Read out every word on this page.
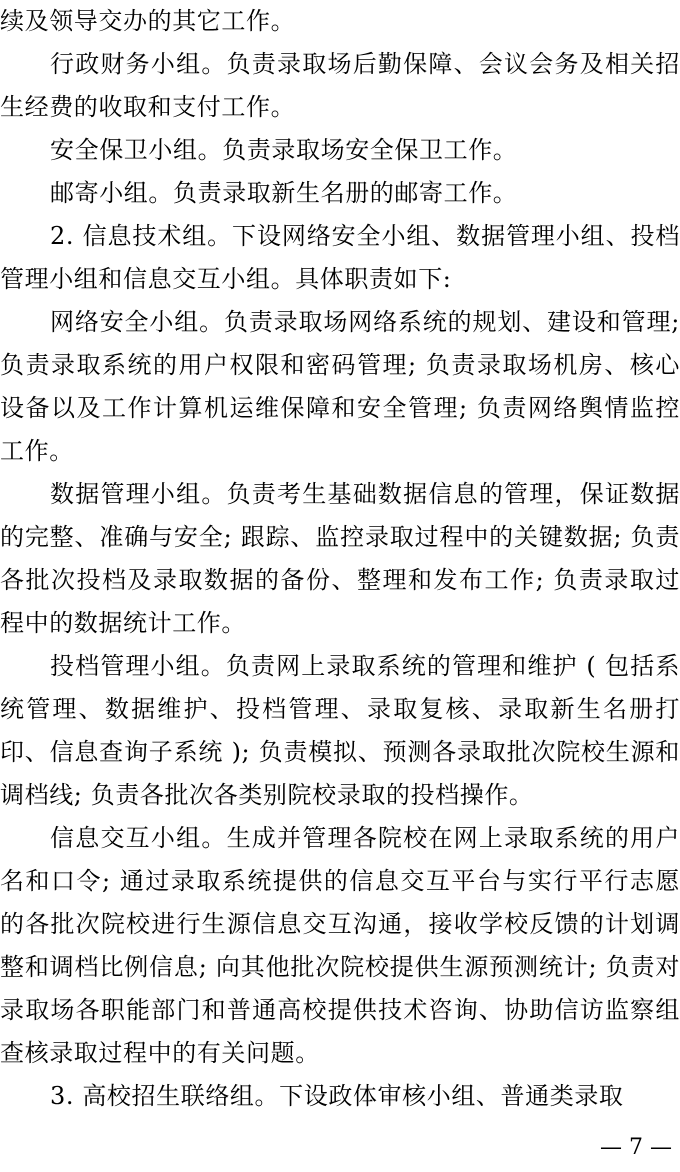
续及领导交办的其它工作。

行政财务小组。负责录取场后勤保障、会议会务及相关招生经费的收取和支付工作。

安全保卫小组。负责录取场安全保卫工作。

邮寄小组。负责录取新生名册的邮寄工作。

2. 信息技术组。下设网络安全小组、数据管理小组、投档管理小组和信息交互小组。具体职责如下:

网络安全小组。负责录取场网络系统的规划、建设和管理; 负责录取系统的用户权限和密码管理; 负责录取场机房、核心设备以及工作计算机运维保障和安全管理; 负责网络舆情监控工作。

数据管理小组。负责考生基础数据信息的管理，保证数据的完整、准确与安全; 跟踪、监控录取过程中的关键数据; 负责各批次投档及录取数据的备份、整理和发布工作; 负责录取过程中的数据统计工作。

投档管理小组。负责网上录取系统的管理和维护 ( 包括系统管理、数据维护、投档管理、录取复核、录取新生名册打印、信息查询子系统 ); 负责模拟、预测各录取批次院校生源和调档线; 负责各批次各类别院校录取的投档操作。

信息交互小组。生成并管理各院校在网上录取系统的用户名和口令; 通过录取系统提供的信息交互平台与实行平行志愿的各批次院校进行生源信息交互沟通，接收学校反馈的计划调整和调档比例信息; 向其他批次院校提供生源预测统计; 负责对录取场各职能部门和普通高校提供技术咨询、协助信访监察组查核录取过程中的有关问题。

3. 高校招生联络组。下设政体审核小组、普通类录取

— 7 —
